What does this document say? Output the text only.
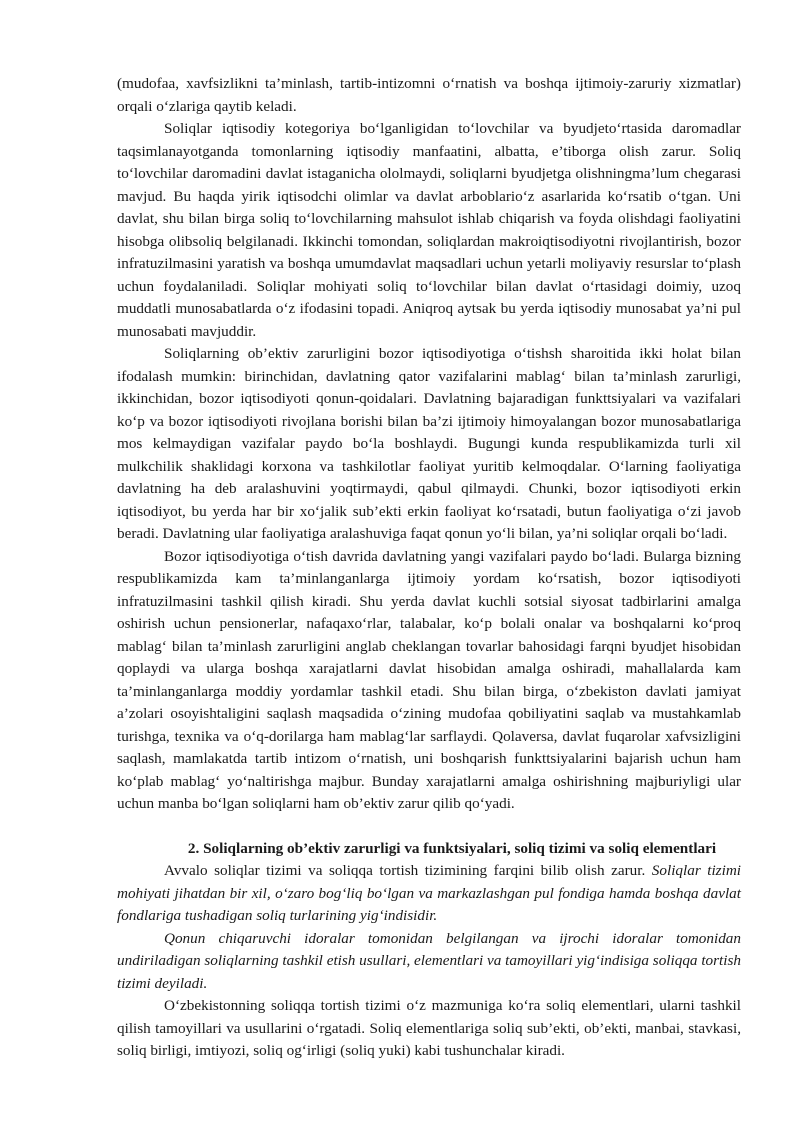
(mudofaa, xavfsizlikni ta’minlash, tartib-intizomni o‘rnatish va boshqa ijtimoiy-zaruriy xizmatlar) orqali o‘zlariga qaytib keladi.

Soliqlar iqtisodiy kotegoriya bo‘lganligidan to‘lovchilar va byudjeto‘rtasida daromadlar taqsimlanayotganda tomonlarning iqtisodiy manfaatini, albatta, e’tiborga olish zarur. Soliq to‘lovchilar daromadini davlat istaganicha ololmaydi, soliqlarni byudjetga olishningma’lum chegarasi mavjud. Bu haqda yirik iqtisodchi olimlar va davlat arboblario‘z asarlarida ko‘rsatib o‘tgan. Uni davlat, shu bilan birga soliq to‘lovchilarning mahsulot ishlab chiqarish va foyda olishdagi faoliyatini hisobga olibsoliq belgilanadi. Ikkinchi tomondan, soliqlardan makroiqtisodiyotni rivojlantirish, bozor infratuzilmasini yaratish va boshqa umumdavlat maqsadlari uchun yetarli moliyaviy resurslar to‘plash uchun foydalaniladi. Soliqlar mohiyati soliq to‘lovchilar bilan davlat o‘rtasidagi doimiy, uzoq muddatli munosabatlarda o‘z ifodasini topadi. Aniqroq aytsak bu yerda iqtisodiy munosabat ya’ni pul munosabati mavjuddir.

Soliqlarning ob’ektiv zarurligini bozor iqtisodiyotiga o‘tishsh sharoitida ikki holat bilan ifodalash mumkin: birinchidan, davlatning qator vazifalarini mablag‘ bilan ta’minlash zarurligi, ikkinchidan, bozor iqtisodiyoti qonun-qoidalari. Davlatning bajaradigan funkttsiyalari va vazifalari ko‘p va bozor iqtisodiyoti rivojlana borishi bilan ba’zi ijtimoiy himoyalangan bozor munosabatlariga mos kelmaydigan vazifalar paydo bo‘la boshlaydi. Bugungi kunda respublikamizda turli xil mulkchilik shaklidagi korxona va tashkilotlar faoliyat yuritib kelmoqdalar. O‘larning faoliyatiga davlatning ha deb aralashuvini yoqtirmaydi, qabul qilmaydi. Chunki, bozor iqtisodiyoti erkin iqtisodiyot, bu yerda har bir xo‘jalik sub’ekti erkin faoliyat ko‘rsatadi, butun faoliyatiga o‘zi javob beradi. Davlatning ular faoliyatiga aralashuviga faqat qonun yo‘li bilan, ya’ni soliqlar orqali bo‘ladi.

Bozor iqtisodiyotiga o‘tish davrida davlatning yangi vazifalari paydo bo‘ladi. Bularga bizning respublikamizda kam ta’minlanganlarga ijtimoiy yordam ko‘rsatish, bozor iqtisodiyoti infratuzilmasini tashkil qilish kiradi. Shu yerda davlat kuchli sotsial siyosat tadbirlarini amalga oshirish uchun pensionerlar, nafaqaxo‘rlar, talabalar, ko‘p bolali onalar va boshqalarni ko‘proq mablag‘ bilan ta’minlash zarurligini anglab cheklangan tovarlar bahosidagi farqni byudjet hisobidan qoplaydi va ularga boshqa xarajatlarni davlat hisobidan amalga oshiradi, mahallalarda kam ta’minlanganlarga moddiy yordamlar tashkil etadi. Shu bilan birga, o‘zbekiston davlati jamiyat a’zolari osoyishtaligini saqlash maqsadida o‘zining mudofaa qobiliyatini saqlab va mustahkamlab turishga, texnika va o‘q-dorilarga ham mablag‘lar sarflaydi. Qolaversa, davlat fuqarolar xafvsizligini saqlash, mamlakatda tartib intizom o‘rnatish, uni boshqarish funkttsiyalarini bajarish uchun ham ko‘plab mablag‘ yo‘naltirishga majbur. Bunday xarajatlarni amalga oshirishning majburiyligi ular uchun manba bo‘lgan soliqlarni ham ob’ektiv zarur qilib qo‘yadi.

2. Soliqlarning ob’ektiv zarurligi va funktsiyalari, soliq tizimi va soliq elementlari

Avvalo soliqlar tizimi va soliqqa tortish tizimining farqini bilib olish zarur. Soliqlar tizimi mohiyati jihatdan bir xil, o‘zaro bog‘liq bo‘lgan va markazlashgan pul fondiga hamda boshqa davlat fondlariga tushadigan soliq turlarining yig‘indisidir.

Qonun chiqaruvchi idoralar tomonidan belgilangan va ijrochi idoralar tomonidan undiriladigan soliqlarning tashkil etish usullari, elementlari va tamoyillari yig‘indisiga soliqqa tortish tizimi deyiladi.

O‘zbekistonning soliqqa tortish tizimi o‘z mazmuniga ko‘ra soliq elementlari, ularni tashkil qilish tamoyillari va usullarini o‘rgatadi. Soliq elementlariga soliq sub’ekti, ob’ekti, manbai, stavkasi, soliq birligi, imtiyozi, soliq og‘irligi (soliq yuki) kabi tushunchalar kiradi.
